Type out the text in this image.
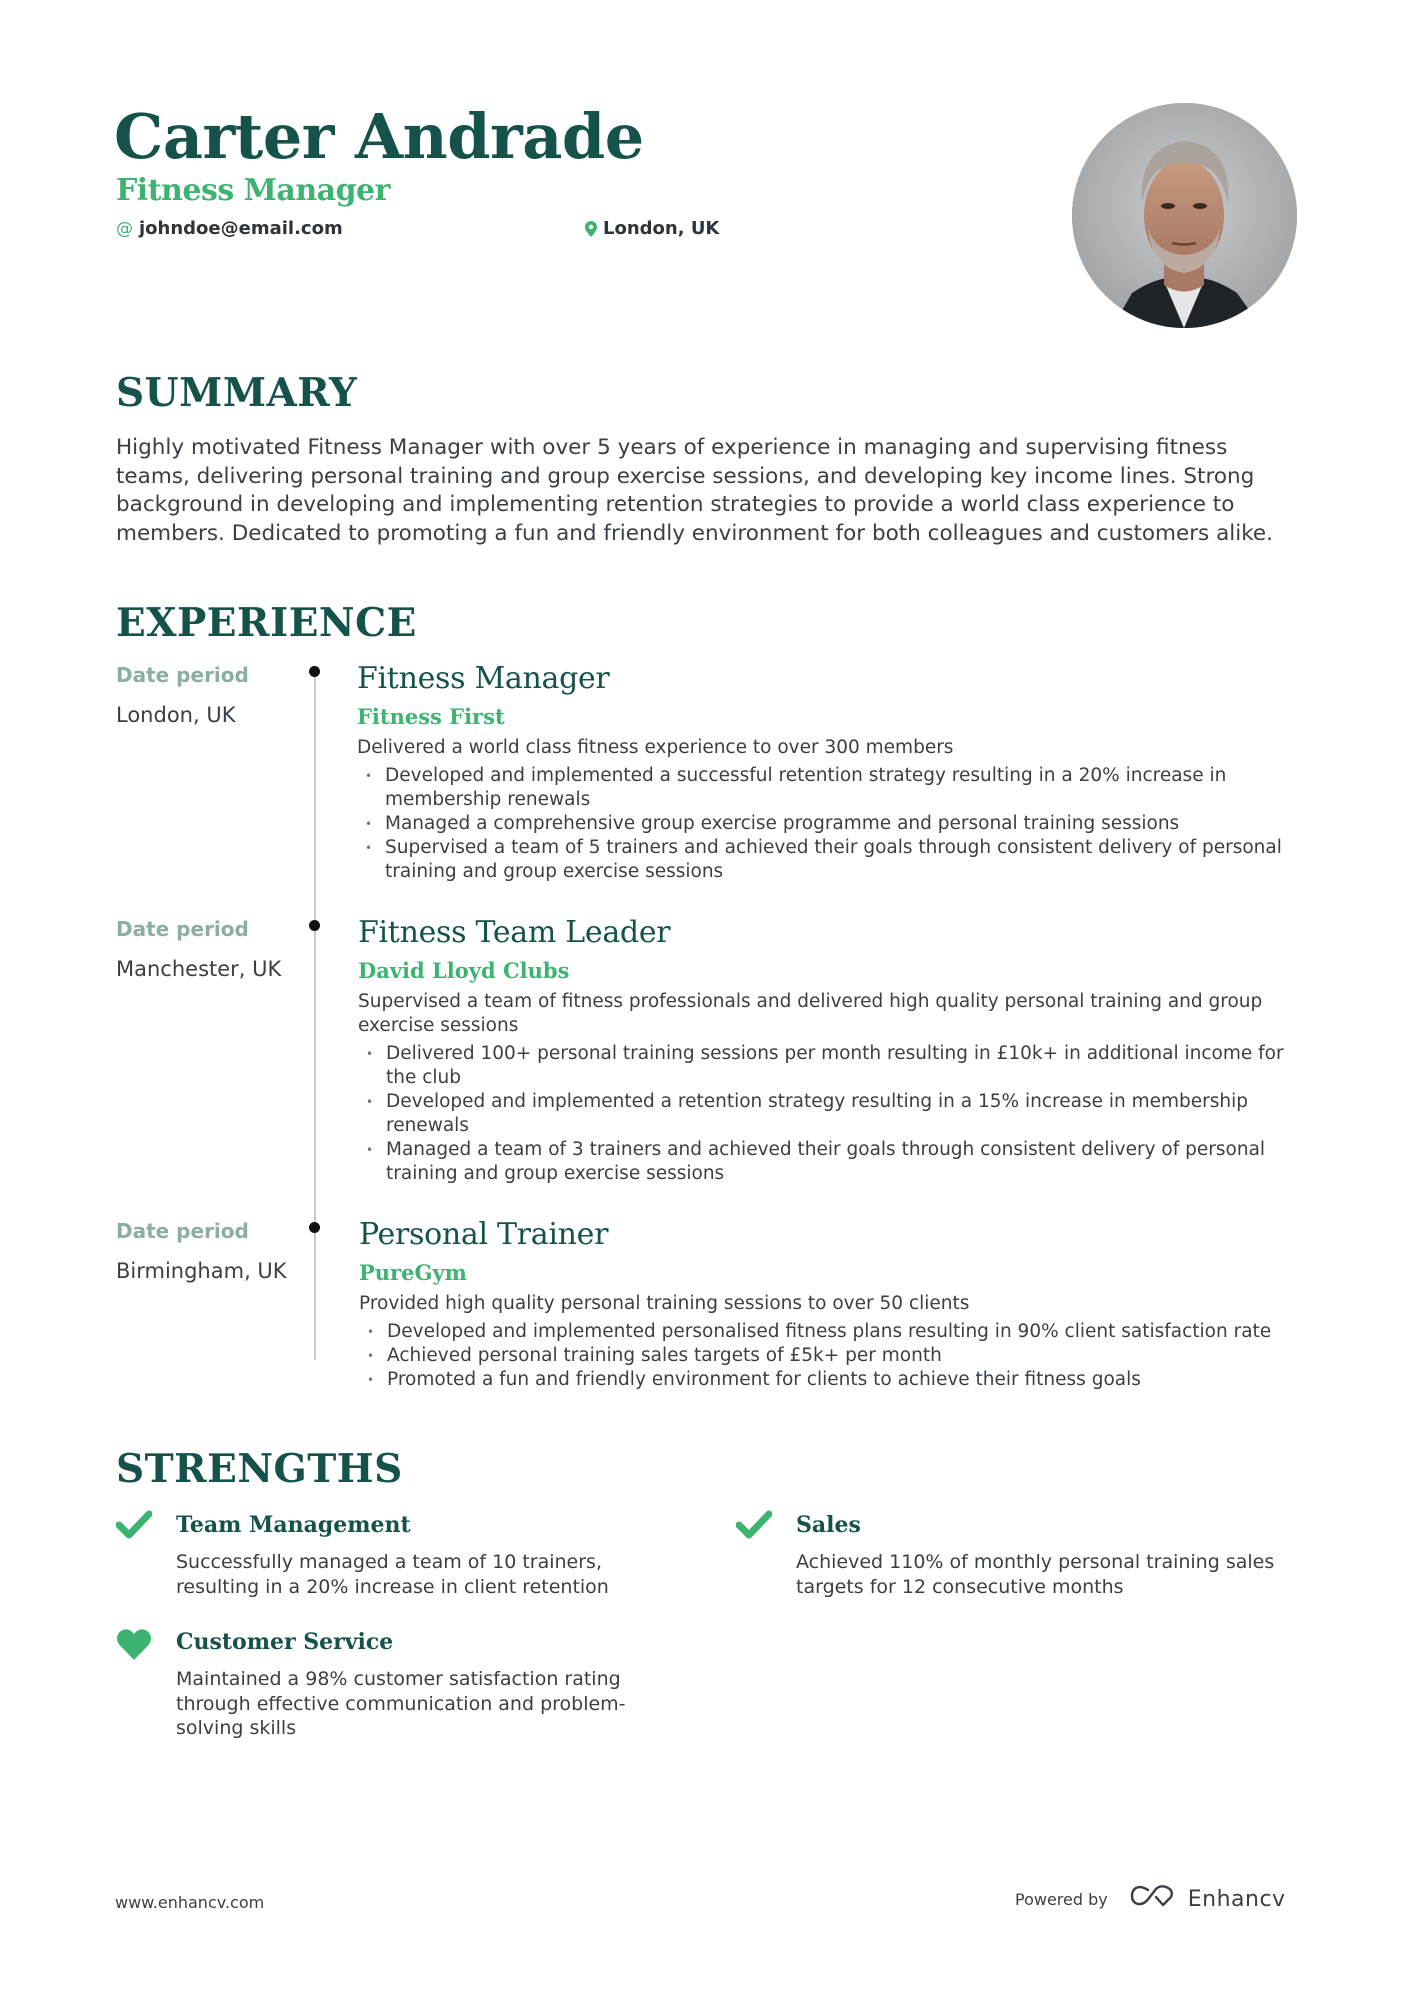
Carter Andrade
Fitness Manager
@ johndoe@email.com	London, UK
SUMMARY
Highly motivated Fitness Manager with over 5 years of experience in managing and supervising fitness teams, delivering personal training and group exercise sessions, and developing key income lines. Strong background in developing and implementing retention strategies to provide a world class experience to members. Dedicated to promoting a fun and friendly environment for both colleagues and customers alike.
EXPERIENCE
Date period
London, UK
Fitness Manager
Fitness First
Delivered a world class fitness experience to over 300 members
• Developed and implemented a successful retention strategy resulting in a 20% increase in membership renewals
• Managed a comprehensive group exercise programme and personal training sessions
• Supervised a team of 5 trainers and achieved their goals through consistent delivery of personal training and group exercise sessions
Date period
Manchester, UK
Fitness Team Leader
David Lloyd Clubs
Supervised a team of fitness professionals and delivered high quality personal training and group exercise sessions
• Delivered 100+ personal training sessions per month resulting in £10k+ in additional income for the club
• Developed and implemented a retention strategy resulting in a 15% increase in membership renewals
• Managed a team of 3 trainers and achieved their goals through consistent delivery of personal training and group exercise sessions
Date period
Birmingham, UK
Personal Trainer
PureGym
Provided high quality personal training sessions to over 50 clients
• Developed and implemented personalised fitness plans resulting in 90% client satisfaction rate
• Achieved personal training sales targets of £5k+ per month
• Promoted a fun and friendly environment for clients to achieve their fitness goals
STRENGTHS
Team Management
Successfully managed a team of 10 trainers, resulting in a 20% increase in client retention
Sales
Achieved 110% of monthly personal training sales targets for 12 consecutive months
Customer Service
Maintained a 98% customer satisfaction rating through effective communication and problem-solving skills
www.enhancv.com	Powered by	Enhancv
